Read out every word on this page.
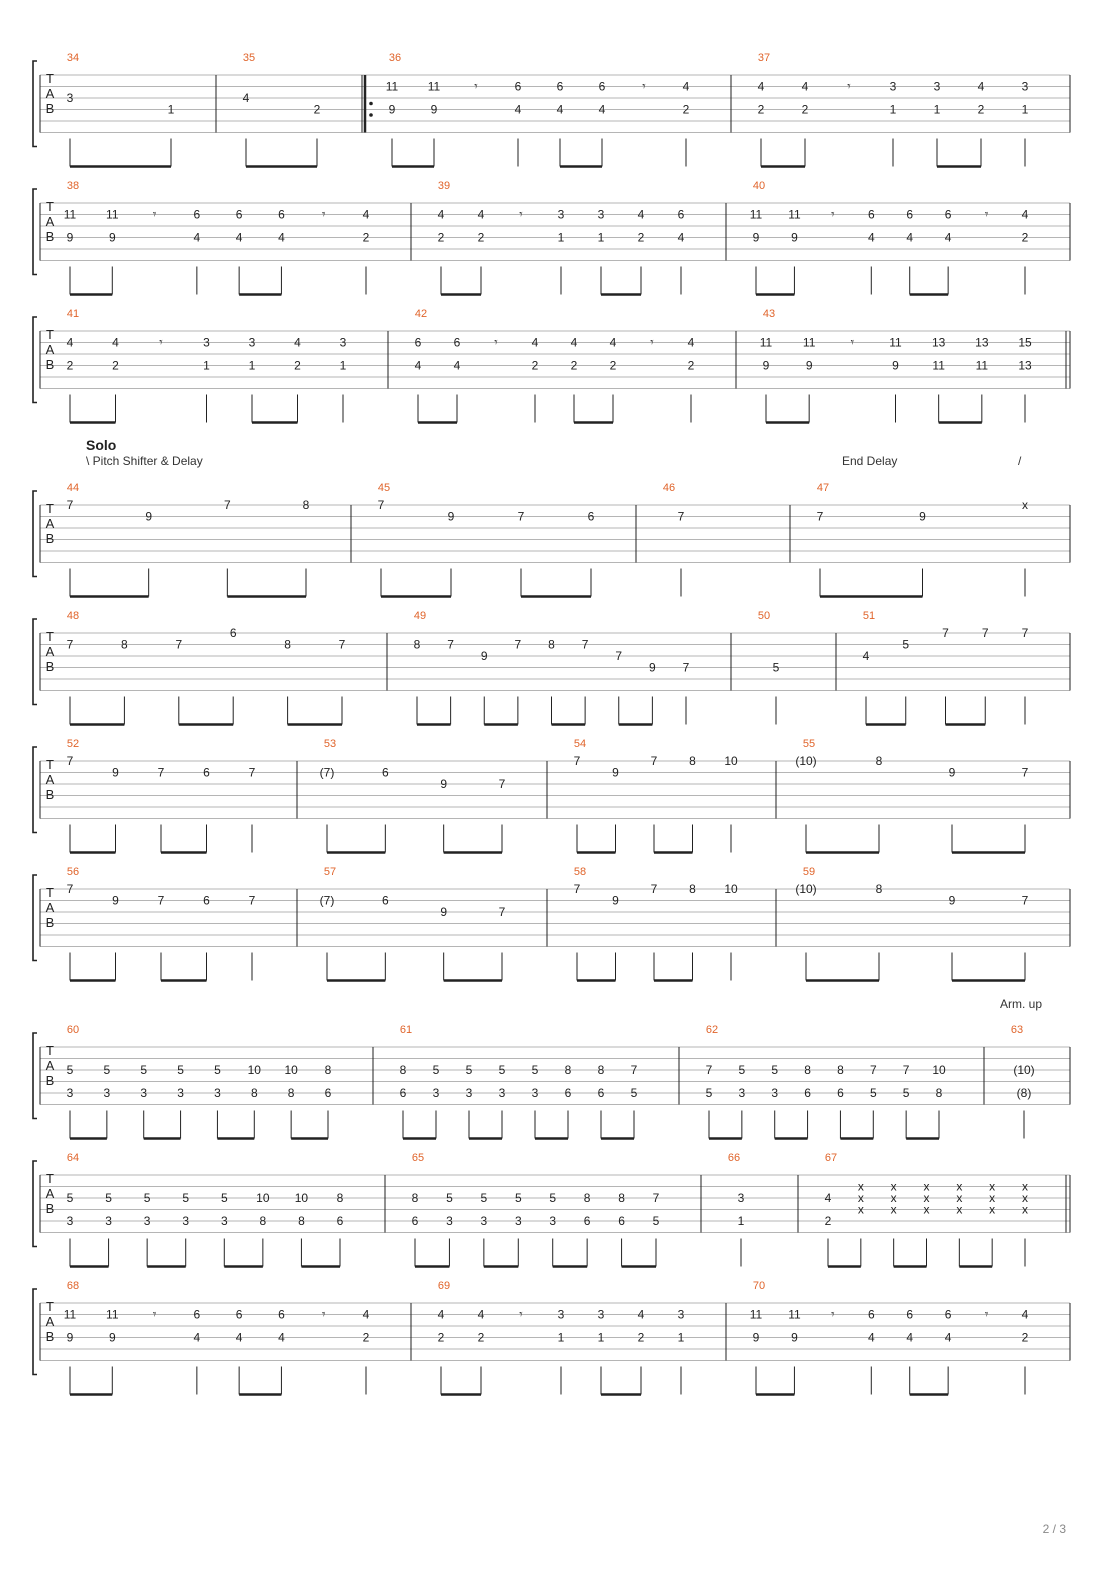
Solo
\ Pitch Shifter & Delay	End Delay	/
Arm. up
2 / 3
T
A
B
34
3
1
35
4
2
36
11
9
11
9
𝄾	6
4
6
4
6
4
𝄾	4
2
37
4
2
4
2
𝄾	3
1
3
1
4
2
3
1
T
A
B
38
11
9
11
9
𝄾	6
4
6
4
6
4
𝄾	4
2
39
4
2
4
2
𝄾	3
1
3
1
4
2
6
4
40
11
9
11
9
𝄾	6
4
6
4
6
4
𝄾	4
2
T
A
B
41
4
2
4
2
𝄾	3
1
3
1
4
2
3
1
42
6
4
6
4
𝄾	4
2
4
2
4
2
𝄾	4
2
43
11
9
11
9
𝄾	11
9
13
11
13
11
15
13
T
A
B
44
7
9
7	8
45
7
9	7	6
46
7
47
7	9
x
T
A
B
48
7	8	7
6
8	7
49
8 7
9
7 8 7
7
9 7
50
5
51
4
5
7	7	7
T
A
B
52
7
9	7	6	7
53
(7)	6
9	7
54
7
9
7	8 10
55
(10)	8
9	7
T
A
B
56
7
9	7	6	7
57
(7)	6
9	7
58
7
9
7	8 10
59
(10)	8
9	7
T
A
B
60
5
3
5
3
5
3
5
3
5
3
10
8
10
8
8
6
61
8
6
5
3
5
3
5
3
5
3
8
6
8
6
7
5
62
7
5
5
3
5
3
8
6
8
6
7
5
7
5
10
8
63
(10)
(8)
T
A
B
64
5
3
5
3
5
3
5
3
5
3
10
8
10
8
8
6
65
8
6
5
3
5
3
5
3
5
3
8
6
8
6
7
5
66
3
1
67
4
2
x
x
x
x
x
x
x
x
x
x
x
x
x
x
x
x
x
x
T
A
B
68
11
9
11
9
𝄾	6
4
6
4
6
4
𝄾	4
2
69
4
2
4
2
𝄾	3
1
3
1
4
2
3
1
70
11
9
11
9
𝄾	6
4
6
4
6
4
𝄾	4
2
